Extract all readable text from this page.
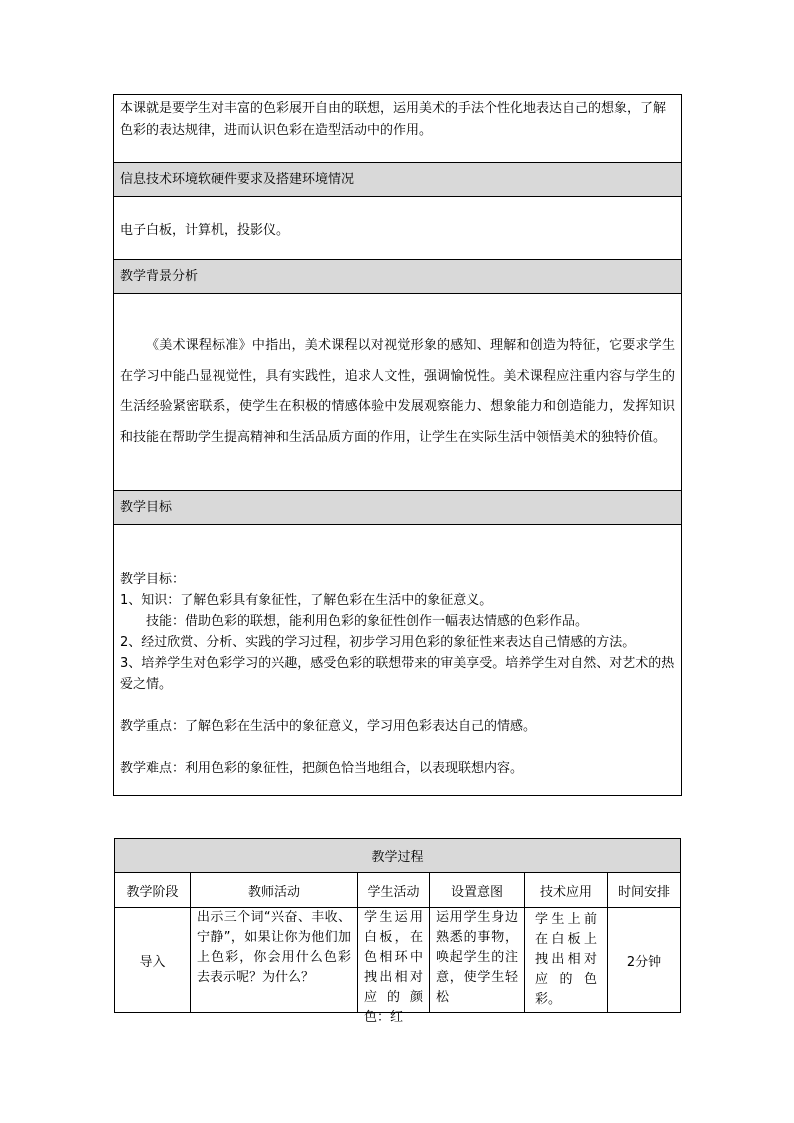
本课就是要学生对丰富的色彩展开自由的联想，运用美术的手法个性化地表达自己的想象，了解色彩的表达规律，进而认识色彩在造型活动中的作用。
信息技术环境软硬件要求及搭建环境情况
电子白板，计算机，投影仪。
教学背景分析

《美术课程标准》中指出，美术课程以对视觉形象的感知、理解和创造为特征，它要求学生在学习中能凸显视觉性，具有实践性，追求人文性，强调愉悦性。美术课程应注重内容与学生的生活经验紧密联系，使学生在积极的情感体验中发展观察能力、想象能力和创造能力，发挥知识和技能在帮助学生提高精神和生活品质方面的作用，让学生在实际生活中领悟美术的独特价值。

教学目标

教学目标：

1、知识：了解色彩具有象征性，了解色彩在生活中的象征意义。

技能：借助色彩的联想，能利用色彩的象征性创作一幅表达情感的色彩作品。

2、经过欣赏、分析、实践的学习过程，初步学习用色彩的象征性来表达自己情感的方法。

3、培养学生对色彩学习的兴趣，感受色彩的联想带来的审美享受。培养学生对自然、对艺术的热爱之情。

教学重点：了解色彩在生活中的象征意义，学习用色彩表达自己的情感。

教学难点：利用色彩的象征性，把颜色恰当地组合，以表现联想内容。

教学过程					
教学阶段	教师活动	学生活动	设置意图	技术应用	时间安排
导入	出示三个词“兴奋、丰收、宁静”，如果让你为他们加上色彩，你会用什么色彩去表示呢？为什么？	学生运用白板，在色相环中拽出相对应的颜色：红	运用学生身边熟悉的事物，唤起学生的注意，使学生轻松	学生上前在白板上拽出相对应的色彩。	2分钟
